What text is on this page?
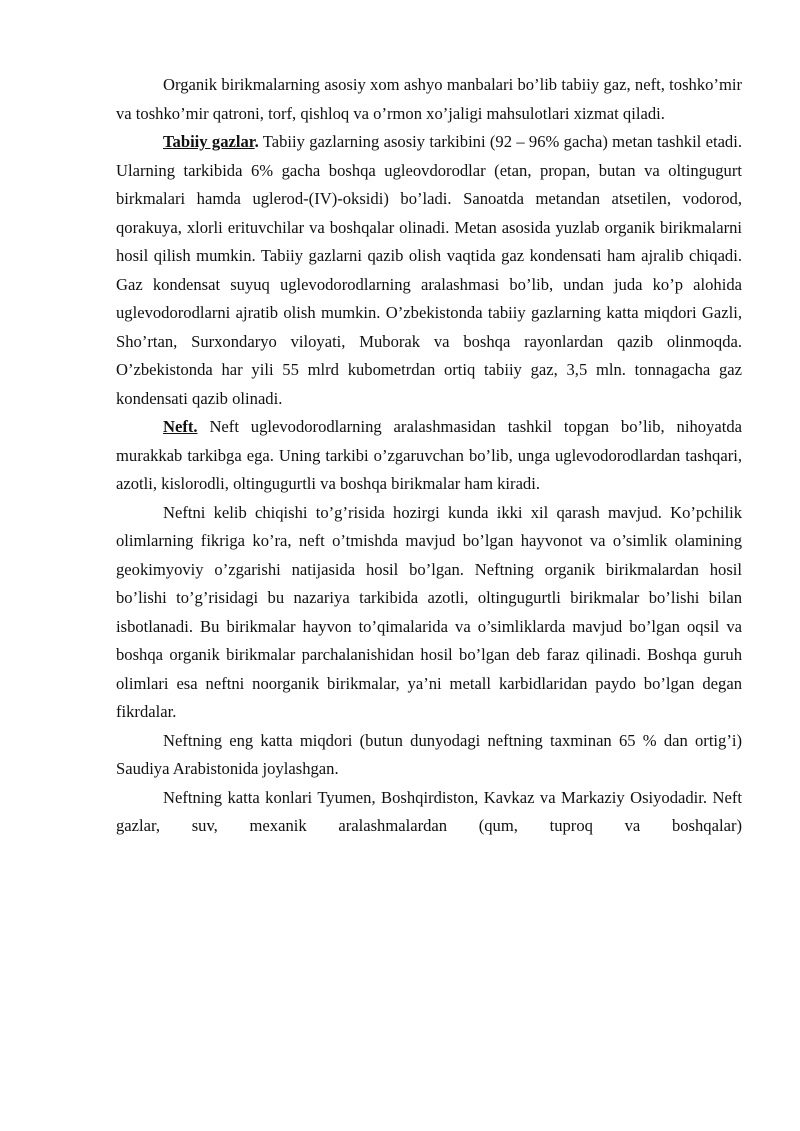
Organik birikmalarning asosiy xom ashyo manbalari bo’lib tabiiy gaz, neft, toshko’mir va toshko’mir qatroni, torf, qishloq va o’rmon xo’jaligi mahsulotlari xizmat qiladi.

Tabiiy gazlar. Tabiiy gazlarning asosiy tarkibini (92 – 96% gacha) metan tashkil etadi. Ularning tarkibida 6% gacha boshqa ugleovdorodlar (etan, propan, butan va oltingugurt birkmalari hamda uglerod-(IV)-oksidi) bo’ladi. Sanoatda metandan atsetilen, vodorod, qorakuya, xlorli erituvchilar va boshqalar olinadi. Metan asosida yuzlab organik birikmalarni hosil qilish mumkin. Tabiiy gazlarni qazib olish vaqtida gaz kondensati ham ajralib chiqadi. Gaz kondensat suyuq uglevodorodlarning aralashmasi bo’lib, undan juda ko’p alohida uglevodorodlarni ajratib olish mumkin. O’zbekistonda tabiiy gazlarning katta miqdori Gazli, Sho’rtan, Surxondaryo viloyati, Muborak va boshqa rayonlardan qazib olinmoqda. O’zbekistonda har yili 55 mlrd kubometrdan ortiq tabiiy gaz, 3,5 mln. tonnagacha gaz kondensati qazib olinadi.

Neft. Neft uglevodorodlarning aralashmasidan tashkil topgan bo’lib, nihoyatda murakkab tarkibga ega. Uning tarkibi o’zgaruvchan bo’lib, unga uglevodorodlardan tashqari, azotli, kislorodli, oltingugurtli va boshqa birikmalar ham kiradi.

Neftni kelib chiqishi to’g’risida hozirgi kunda ikki xil qarash mavjud. Ko’pchilik olimlarning fikriga ko’ra, neft o’tmishda mavjud bo’lgan hayvonot va o’simlik olamining geokimyoviy o’zgarishi natijasida hosil bo’lgan. Neftning organik birikmalardan hosil bo’lishi to’g’risidagi bu nazariya tarkibida azotli, oltingugurtli birikmalar bo’lishi bilan isbotlanadi. Bu birikmalar hayvon to’qimalarida va o’simliklarda mavjud bo’lgan oqsil va boshqa organik birikmalar parchalanishidan hosil bo’lgan deb faraz qilinadi. Boshqa guruh olimlari esa neftni noorganik birikmalar, ya’ni metall karbidlaridan paydo bo’lgan degan fikrdalar.

Neftning eng katta miqdori (butun dunyodagi neftning taxminan 65 % dan ortig’i) Saudiya Arabistonida joylashgan.

Neftning katta konlari Tyumen, Boshqirdiston, Kavkaz va Markaziy Osiyodadir. Neft gazlar, suv, mexanik aralashmalardan (qum, tuproq va boshqalar)
